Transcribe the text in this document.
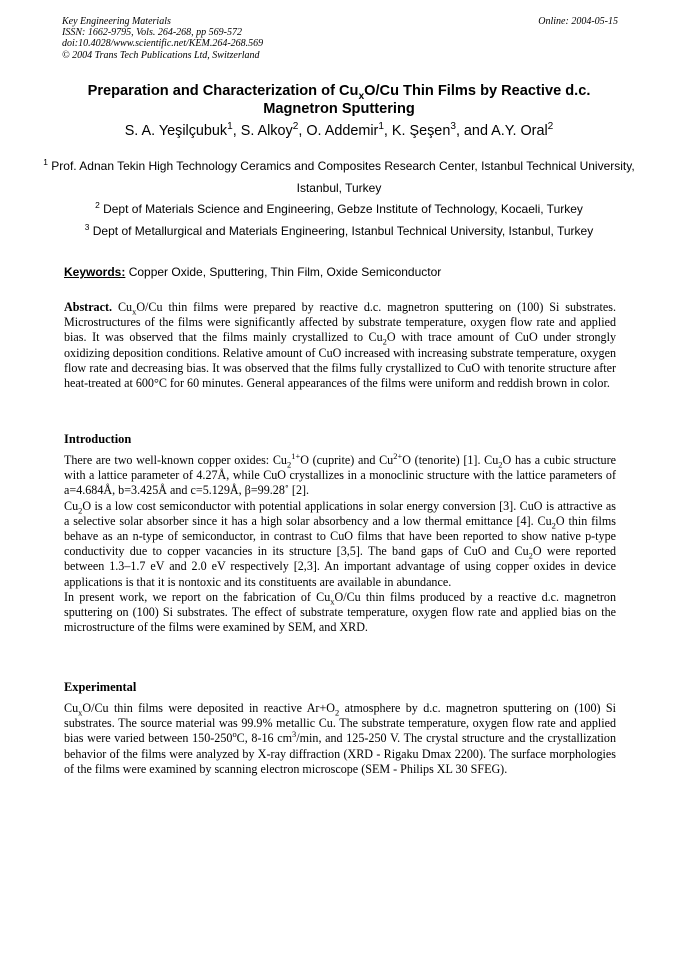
Key Engineering Materials
ISSN: 1662-9795, Vols. 264-268, pp 569-572
doi:10.4028/www.scientific.net/KEM.264-268.569
© 2004 Trans Tech Publications Ltd, Switzerland
Online: 2004-05-15
Preparation and Characterization of $Cu_xO/Cu$ Thin Films by Reactive d.c. Magnetron Sputtering
S. A. Yeşilçubuk$^1$, S. Alkoy$^2$, O. Addemir$^1$, K. Şeşen$^3$, and A.Y. Oral$^2$
$^1$ Prof. Adnan Tekin High Technology Ceramics and Composites Research Center, Istanbul Technical University, Istanbul, Turkey
$^2$ Dept of Materials Science and Engineering, Gebze Institute of Technology, Kocaeli, Turkey
$^3$ Dept of Metallurgical and Materials Engineering, Istanbul Technical University, Istanbul, Turkey
Keywords: Copper Oxide, Sputtering, Thin Film, Oxide Semiconductor
Abstract. $Cu_xO/Cu$ thin films were prepared by reactive d.c. magnetron sputtering on (100) Si substrates. Microstructures of the films were significantly affected by substrate temperature, oxygen flow rate and applied bias. It was observed that the films mainly crystallized to $Cu_2O$ with trace amount of CuO under strongly oxidizing deposition conditions. Relative amount of CuO increased with increasing substrate temperature, oxygen flow rate and decreasing bias. It was observed that the films fully crystallized to CuO with tenorite structure after heat-treated at 600°C for 60 minutes. General appearances of the films were uniform and reddish brown in color.
Introduction

There are two well-known copper oxides: $Cu_2^{1+}O$ (cuprite) and $Cu^{2+}O$ (tenorite) [1]. $Cu_2O$ has a cubic structure with a lattice parameter of 4.27Å, while CuO crystallizes in a monoclinic structure with the lattice parameters of a=4.684Å, b=3.425Å and c=5.129Å, β=99.28˚ [2].

$Cu_2O$ is a low cost semiconductor with potential applications in solar energy conversion [3]. CuO is attractive as a selective solar absorber since it has a high solar absorbency and a low thermal emittance [4]. $Cu_2O$ thin films behave as an n-type of semiconductor, in contrast to CuO films that have been reported to show native p-type conductivity due to copper vacancies in its structure [3,5]. The band gaps of CuO and $Cu_2O$ were reported between 1.3–1.7 eV and 2.0 eV respectively [2,3]. An important advantage of using copper oxides in device applications is that it is nontoxic and its constituents are available in abundance.

In present work, we report on the fabrication of $Cu_xO/Cu$ thin films produced by a reactive d.c. magnetron sputtering on (100) Si substrates. The effect of substrate temperature, oxygen flow rate and applied bias on the microstructure of the films were examined by SEM, and XRD.

Experimental
$Cu_xO/Cu$ thin films were deposited in reactive $Ar+O_2$ atmosphere by d.c. magnetron sputtering on (100) Si substrates. The source material was 99.9% metallic Cu. The substrate temperature, oxygen flow rate and applied bias were varied between 150-250$^o$C, 8-16 $cm^3/\min$, and 125-250 V. The crystal structure and the crystallization behavior of the films were analyzed by X-ray diffraction (XRD - Rigaku Dmax 2200). The surface morphologies of the films were examined by scanning electron microscope (SEM - Philips XL 30 SFEG).
